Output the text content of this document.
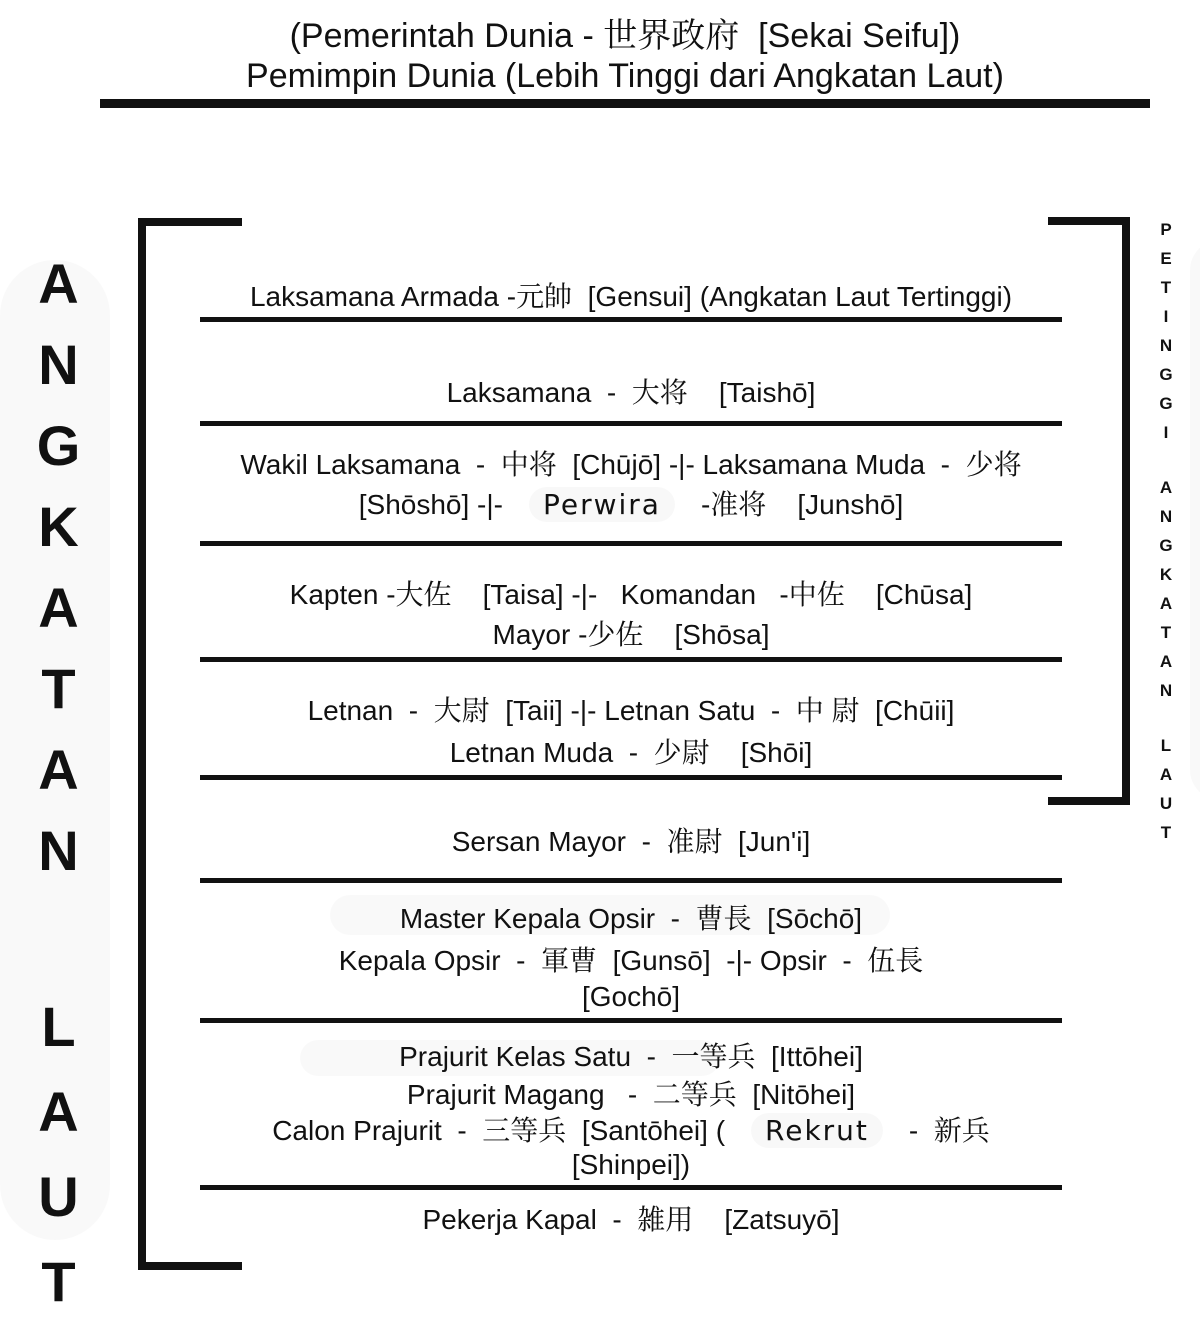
(Pemerintah Dunia - 世界政府  [Sekai Seifu])
Pemimpin Dunia (Lebih Tinggi dari Angkatan Laut)
ANGKATAN
LAUT
PETINGGI
ANGKATAN
LAUT
Laksamana Armada -元帥  [Gensui] (Angkatan Laut Tertinggi)
Laksamana  -  大将    [Taishō]
Wakil Laksamana  -  中将  [Chūjō] -|- Laksamana Muda  -  少将
[Shōshō] -|- Perwira -准将    [Junshō]
Kapten -大佐    [Taisa] -|-   Komandan   -中佐    [Chūsa]
Mayor -少佐    [Shōsa]
Letnan  -  大尉  [Taii] -|- Letnan Satu  -  中 尉  [Chūii]
Letnan Muda  -  少尉    [Shōi]
Sersan Mayor  -  准尉  [Jun'i]
Master Kepala Opsir  -  曹長  [Sōchō]
Kepala Opsir  -  軍曹  [Gunsō]  -|- Opsir  -  伍長
[Gochō]
Prajurit Kelas Satu  -  一等兵  [Ittōhei]
Prajurit Magang   -  二等兵  [Nitōhei]
Calon Prajurit  -  三等兵  [Santōhei] ( Rekrut -  新兵
[Shinpei])
Pekerja Kapal  -  雑用    [Zatsuyō]
